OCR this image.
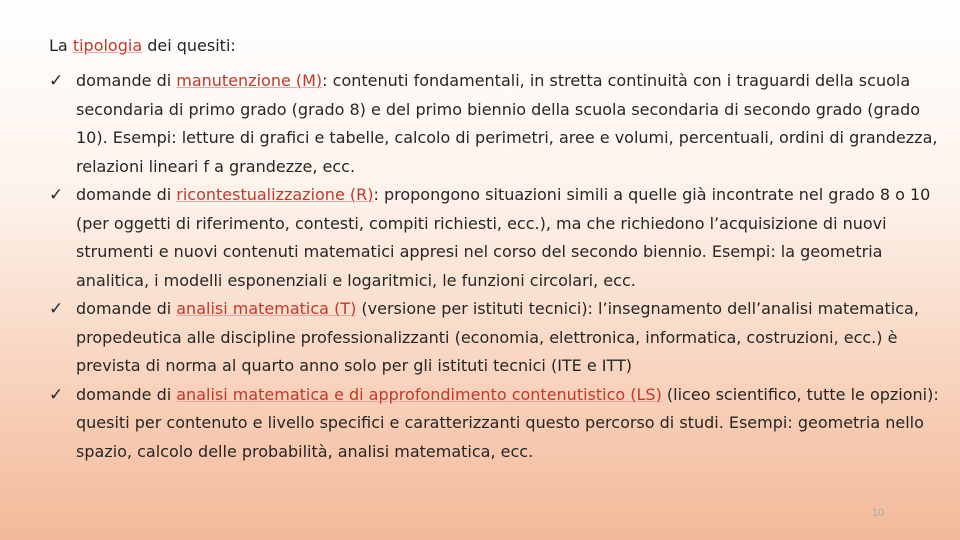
La tipologia dei quesiti:
✓ domande di manutenzione (M): contenuti fondamentali, in stretta continuità con i traguardi della scuola secondaria di primo grado (grado 8) e del primo biennio della scuola secondaria di secondo grado (grado 10). Esempi: letture di grafici e tabelle, calcolo di perimetri, aree e volumi, percentuali, ordini di grandezza, relazioni lineari f a grandezze, ecc.
✓ domande di ricontestualizzazione (R): propongono situazioni simili a quelle già incontrate nel grado 8 o 10 (per oggetti di riferimento, contesti, compiti richiesti, ecc.), ma che richiedono l’acquisizione di nuovi strumenti e nuovi contenuti matematici appresi nel corso del secondo biennio. Esempi: la geometria analitica, i modelli esponenziali e logaritmici, le funzioni circolari, ecc.
✓ domande di analisi matematica (T) (versione per istituti tecnici): l’insegnamento dell’analisi matematica, propedeutica alle discipline professionalizzanti (economia, elettronica, informatica, costruzioni, ecc.) è prevista di norma al quarto anno solo per gli istituti tecnici (ITE e ITT)
✓ domande di analisi matematica e di approfondimento contenutistico (LS) (liceo scientifico, tutte le opzioni): quesiti per contenuto e livello specifici e caratterizzanti questo percorso di studi. Esempi: geometria nello spazio, calcolo delle probabilità, analisi matematica, ecc.
10
